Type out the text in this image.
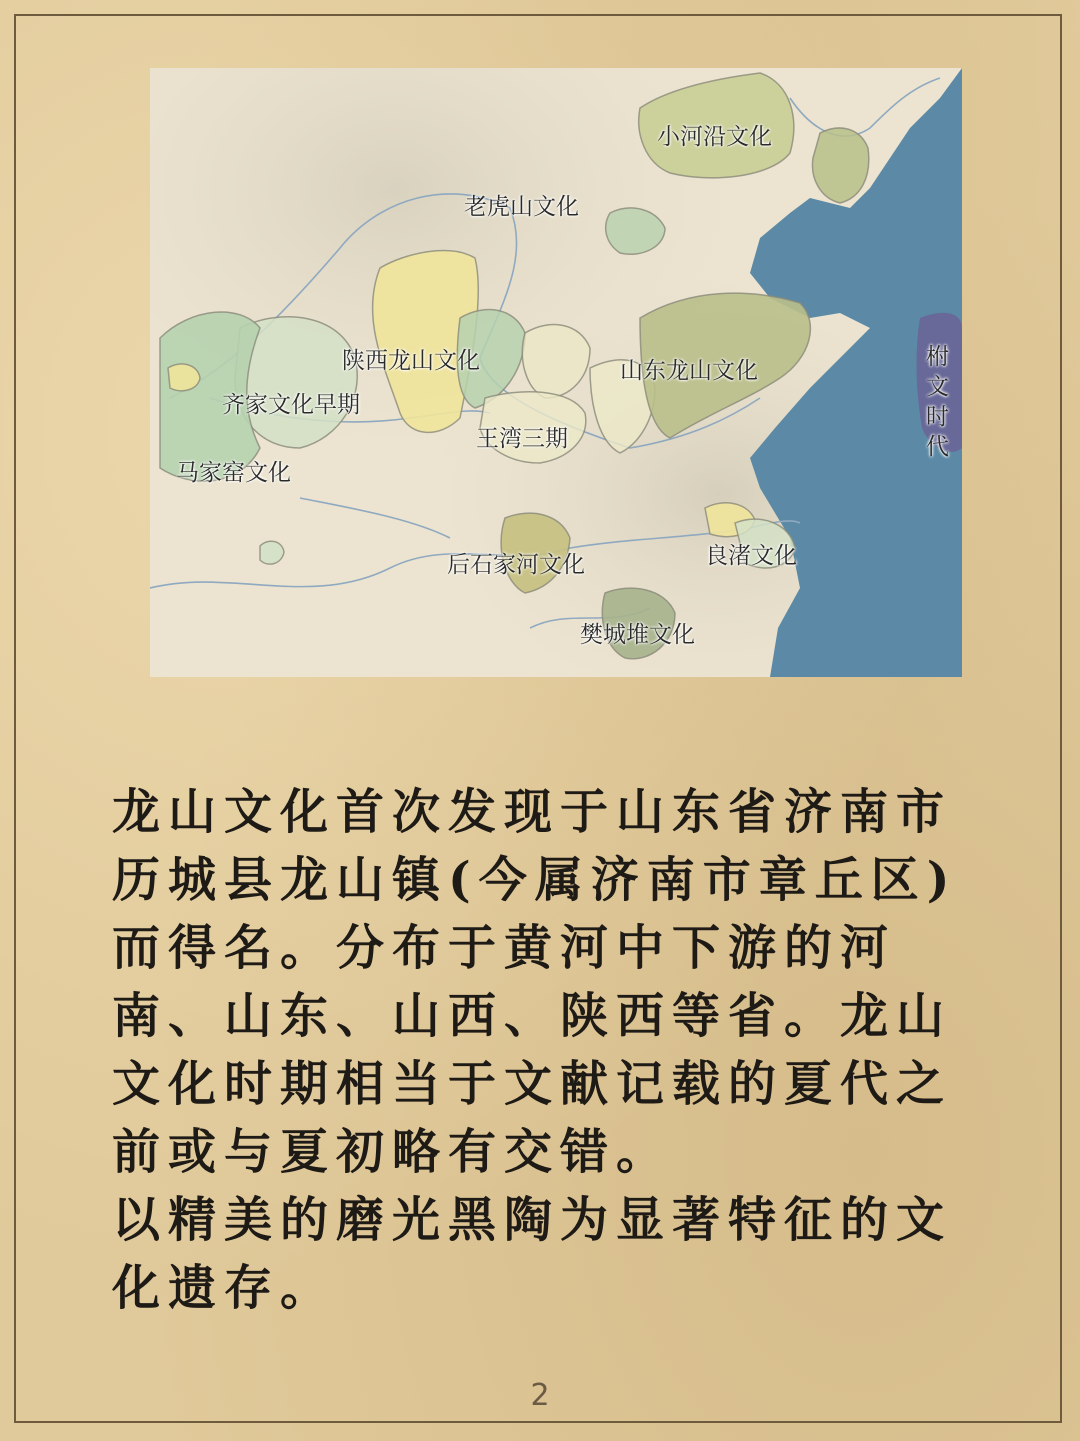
小河沿文化
老虎山文化
陕西龙山文化	山东龙山文化
齐家文化早期
王湾三期
马家窑文化
后石家河文化	良渚文化
樊城堆文化
柎文时代

龙山文化首次发现于山东省济南市历城县龙山镇(今属济南市章丘区)而得名。分布于黄河中下游的河南、山东、山西、陕西等省。龙山文化时期相当于文献记载的夏代之前或与夏初略有交错。

以精美的磨光黑陶为显著特征的文化遗存。

2
